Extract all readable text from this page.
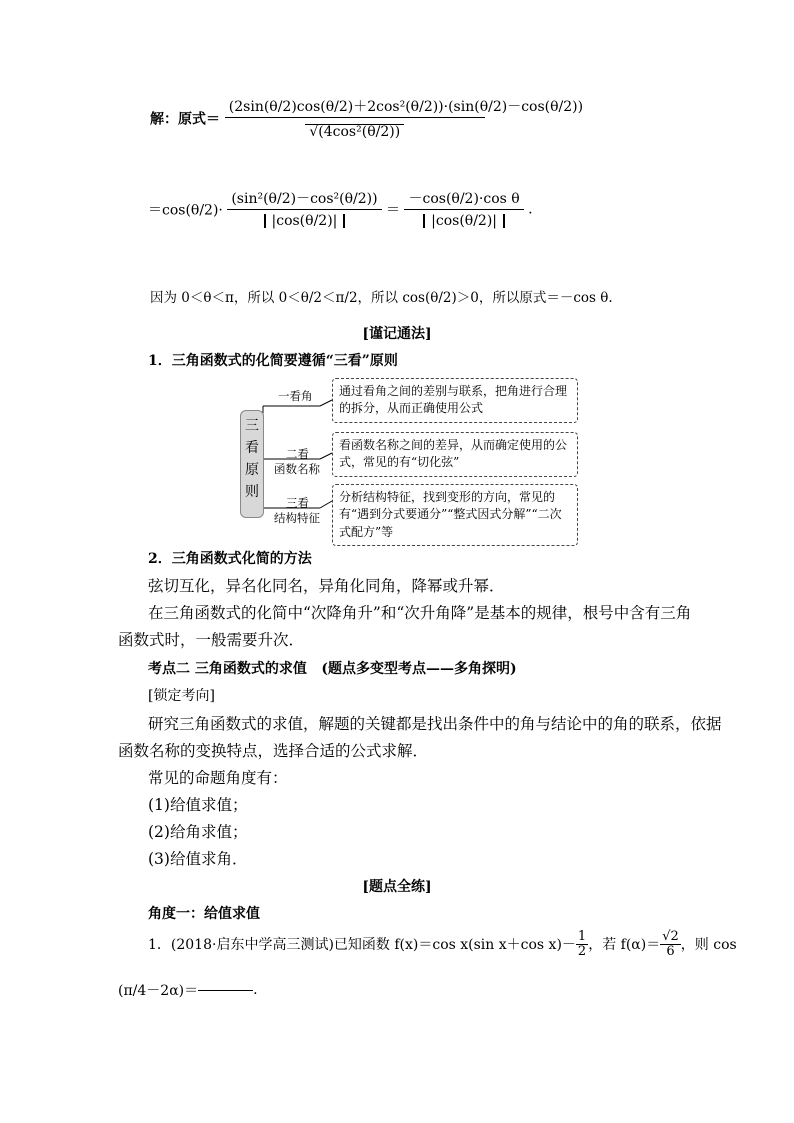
解：原式＝ $\frac{\text{(2sin(θ/2)cos(θ/2)＋2cos²(θ/2))·(sin(θ/2)－cos(θ/2))}}{\text{√(4cos²(θ/2))}}$
$=\cos(\theta/2)\cdot \frac{\text{(sin²(θ/2)－cos²(θ/2))}}{|\cos(\theta/2)|} = \frac{\text{－cos(θ/2)·cos θ}}{|\cos(\theta/2)|}$ .
因为 0＜θ＜π，所以 0＜θ/2＜π/2，所以 cos(θ/2)＞0，所以原式＝－cos θ.
[谨记通法]
1．三角函数式的化简要遵循“三看”原则
三
看
原
则
一看角
二看
函数名称
三看
结构特征
通过看角之间的差别与联系，把角进行合理的拆分，从而正确使用公式
看函数名称之间的差异，从而确定使用的公式，常见的有“切化弦”
分析结构特征，找到变形的方向，常见的有“遇到分式要通分”“整式因式分解”“二次式配方”等
2．三角函数式化简的方法
弦切互化，异名化同名，异角化同角，降幂或升幂．
在三角函数式的化简中“次降角升”和“次升角降”是基本的规律，根号中含有三角
函数式时，一般需要升次．
考点二 三角函数式的求值 (题点多变型考点——多角探明)
[锁定考向]
研究三角函数式的求值，解题的关键都是找出条件中的角与结论中的角的联系，依据
函数名称的变换特点，选择合适的公式求解．
常见的命题角度有：
(1)给值求值；
(2)给角求值；
(3)给值求角．
[题点全练]
角度一：给值求值
1．(2018·启东中学高三测试)已知函数 f(x)＝cos x(sin x＋cos $x)- \frac{1}{2}$ ，若 $f(\alpha)= \frac{√2}{6}$ ，则 cos
(π/4－2α)＝	.
